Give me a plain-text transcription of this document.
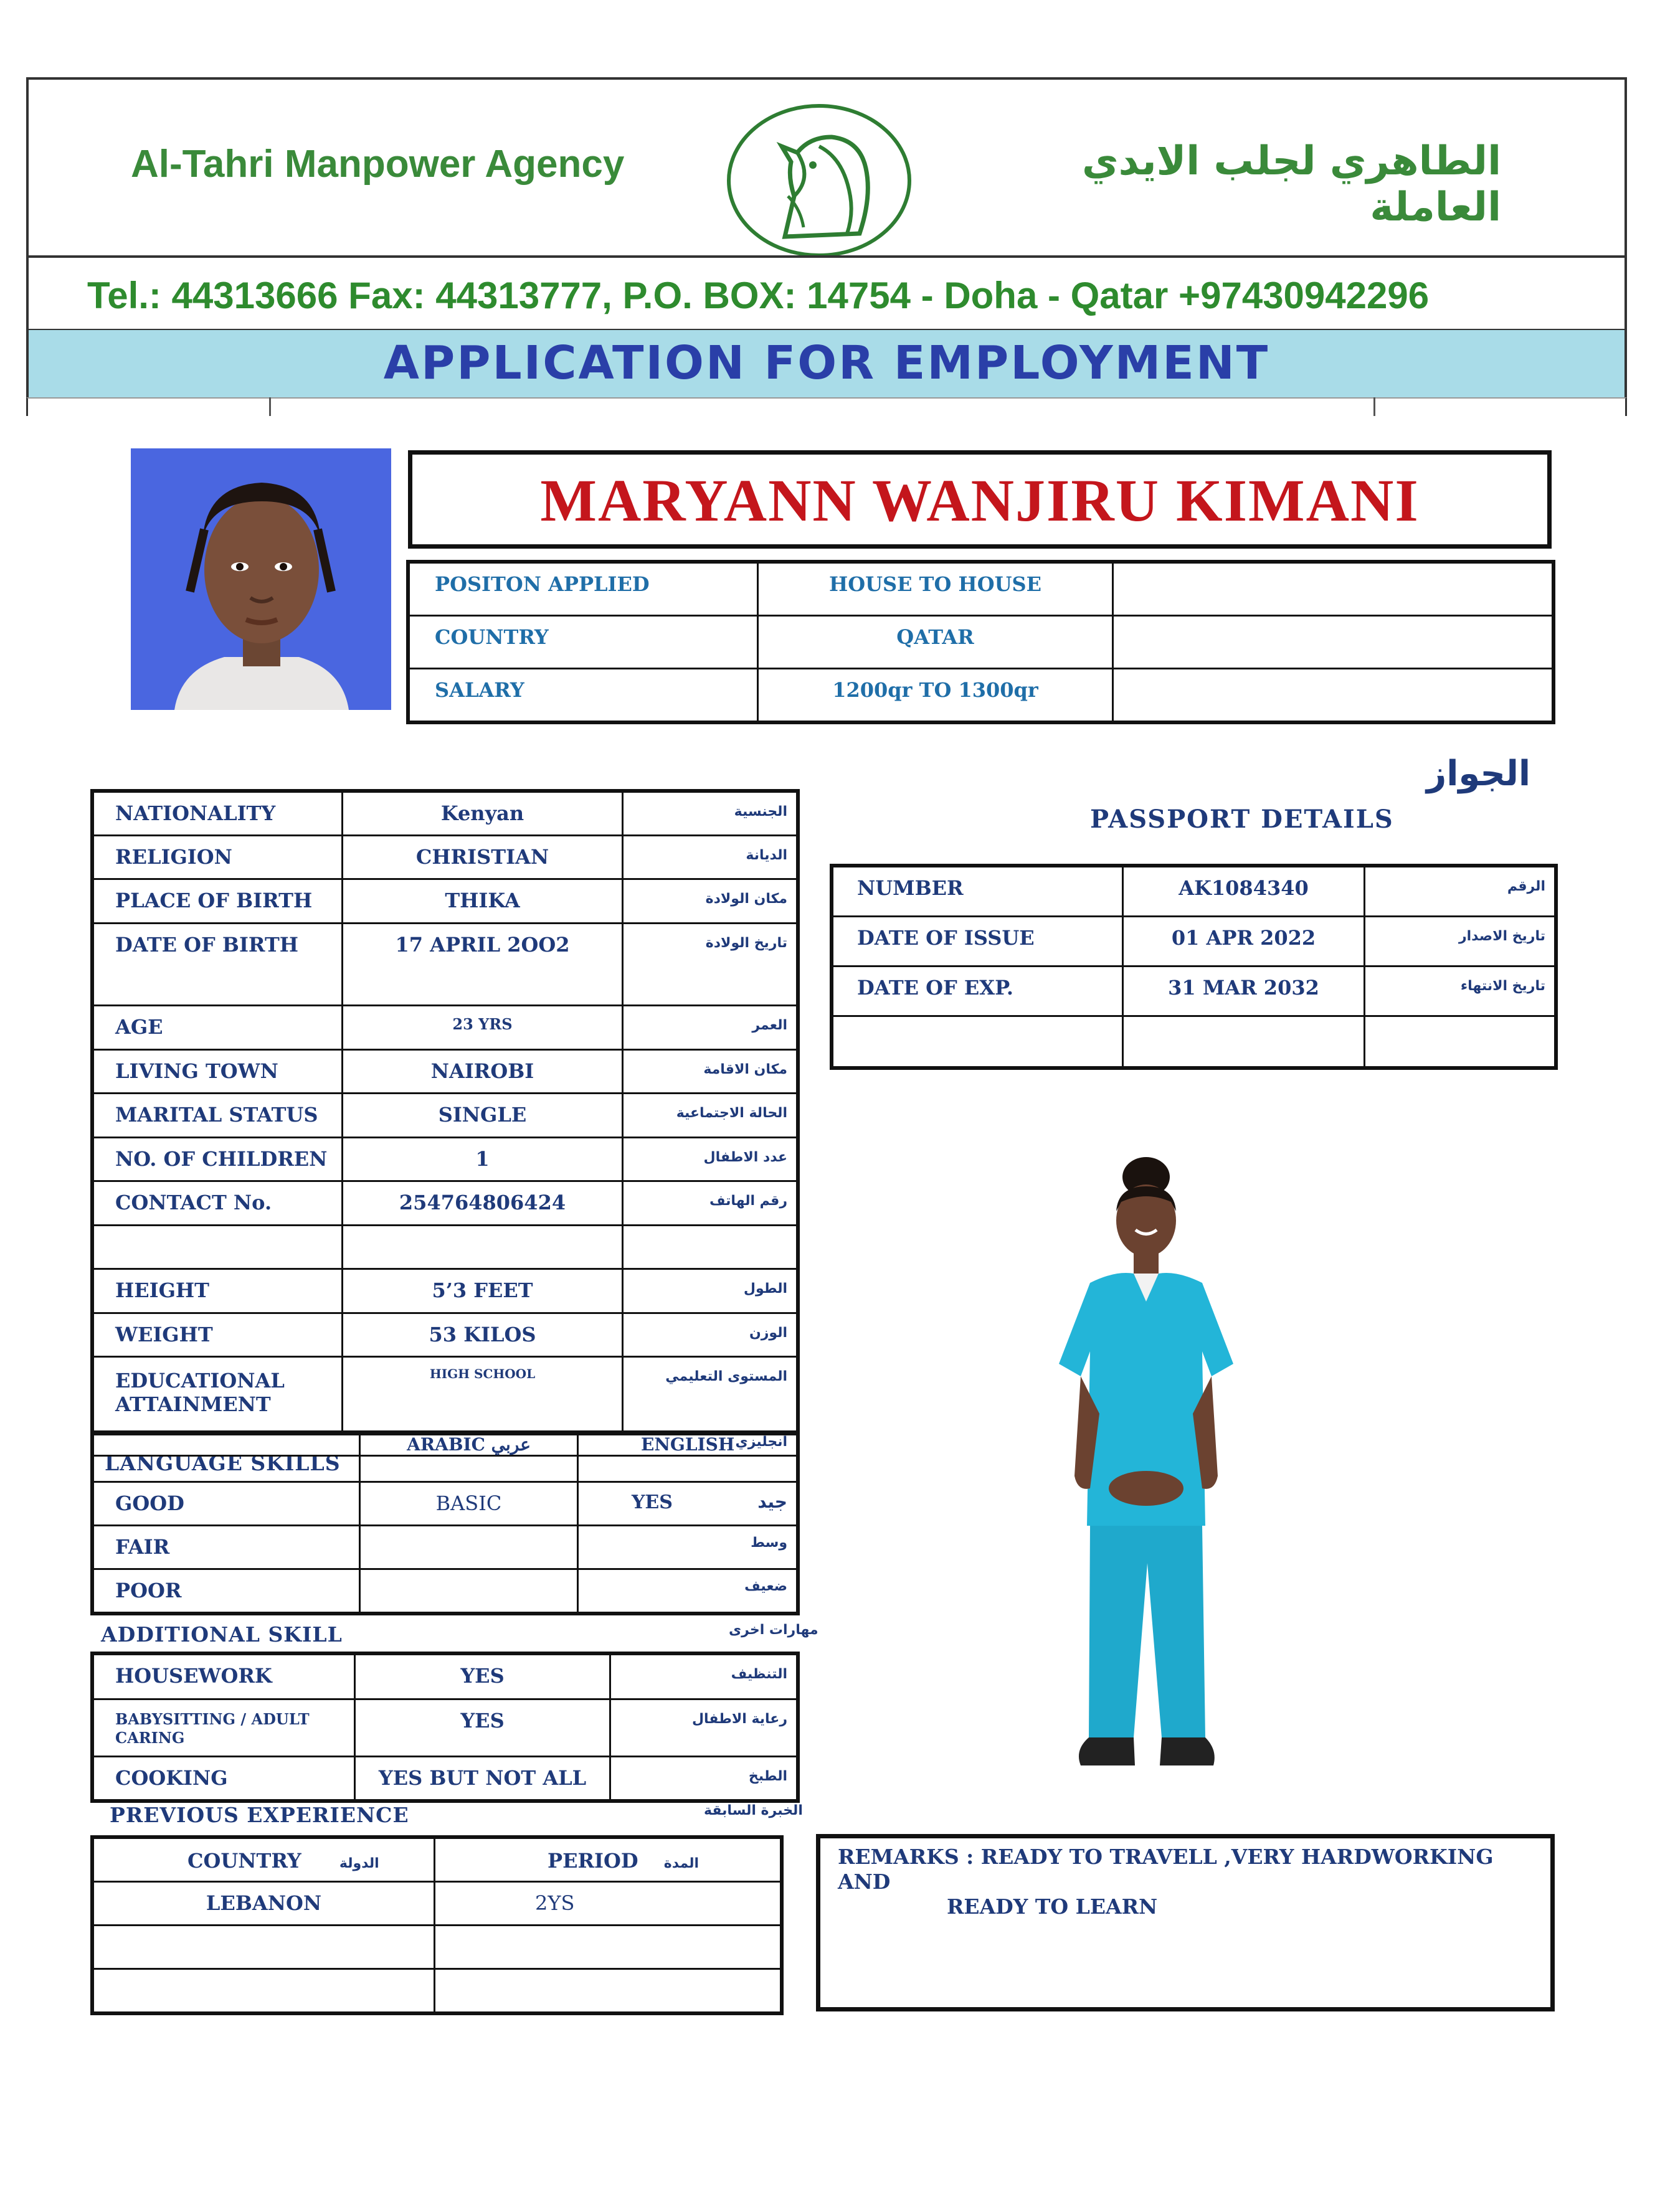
Al-Tahri Manpower Agency	الطاهري لجلب الايدي العاملة
Tel.: 44313666 Fax: 44313777, P.O. BOX: 14754 - Doha - Qatar +97430942296
APPLICATION FOR EMPLOYMENT
MARYANN WANJIRU KIMANI
POSITON APPLIED	HOUSE TO HOUSE	
COUNTRY	QATAR	
SALARY	1200qr TO 1300qr	
NATIONALITY	Kenyan	الجنسية
RELIGION	CHRISTIAN	الديانة
PLACE OF BIRTH	THIKA	مكان الولادة
DATE OF BIRTH	17 APRIL 2OO2	تاريخ الولادة
AGE	23 YRS	العمر
LIVING TOWN	NAIROBI	مكان الاقامة
MARITAL STATUS	SINGLE	الحالة الاجتماعية
NO. OF CHILDREN	1	عدد الاطفال
CONTACT No.	254764806424	رقم الهاتف

HEIGHT	5’3 FEET	الطول
WEIGHT	53 KILOS	الوزن
EDUCATIONAL ATTAINMENT	HIGH SCHOOL	المستوى التعليمي
LANGUAGE SKILLS
	ARABIC عربي	ENGLISH انجليزي

GOOD	BASIC	YES جيد

FAIR		وسط

POOR		ضعيف
الجواز
PASSPORT DETAILS
NUMBER	AK1084340	الرقم
DATE OF ISSUE	01 APR 2022	تاريخ الاصدار
DATE OF EXP.	31 MAR 2032	تاريخ الانتهاء

ADDITIONAL SKILL	مهارات اخرى
HOUSEWORK	YES	التنظيف
BABYSITTING / ADULT CARING	YES	رعاية الاطفال
COOKING	YES BUT NOT ALL	الطبخ
PREVIOUS EXPERIENCE	الخبرة السابقة
COUNTRY الدولة	PERIOD المدة
LEBANON	2YS

REMARKS : READY TO TRAVELL ,VERY HARDWORKING AND
READY TO LEARN
